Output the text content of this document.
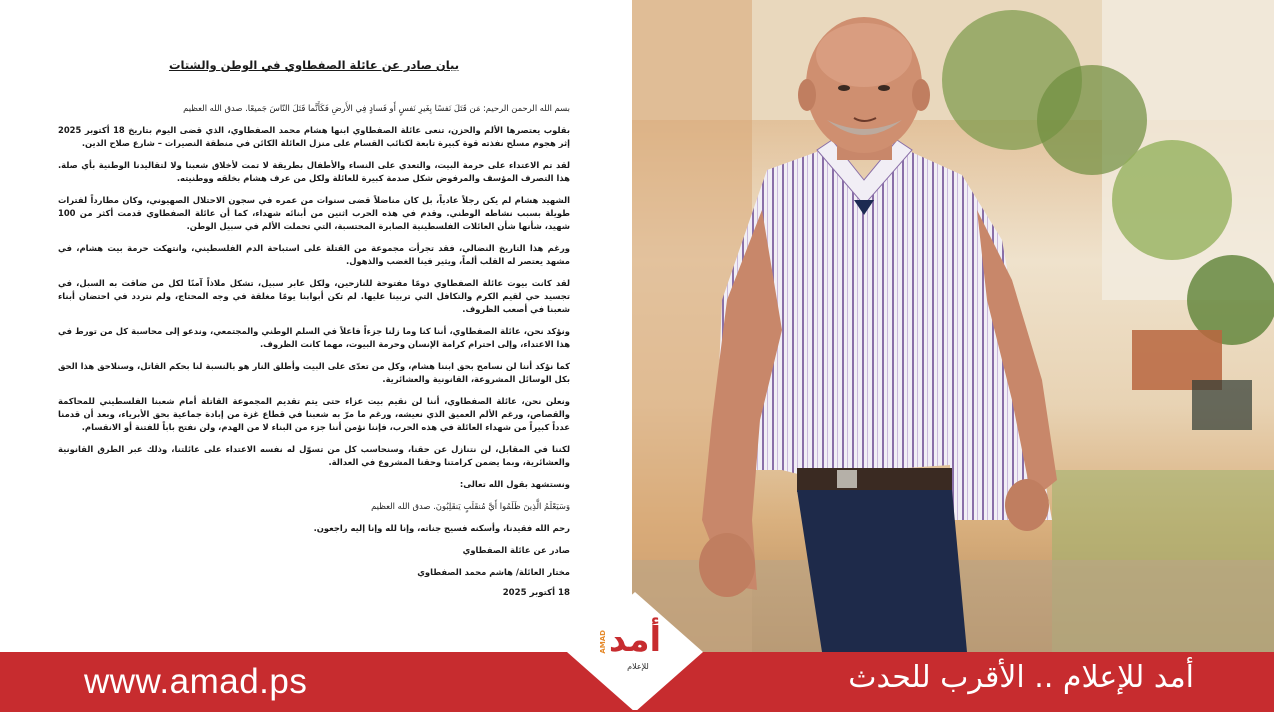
بيان صادر عن عائلة الصفطاوي في الوطن والشتات

بسم الله الرحمن الرحيم: مَن قَتَلَ نَفسًا بِغَيرِ نَفسٍ أَو فَسادٍ فِي الأَرضِ فَكَأَنَّما قَتَلَ النّاسَ جَميعًا. صدق الله العظيم

بقلوب يعتصرها الألم والحزن، تنعى عائلة الصفطاوي ابنها هشام محمد الصفطاوي، الذي قضى اليوم بتاريخ 18 أكتوبر 2025 إثر هجوم مسلح نفذته قوة كبيرة تابعة لكتائب القسام على منزل العائلة الكائن في منطقة النصيرات – شارع صلاح الدين.

لقد تم الاعتداء على حرمة البيت، والتعدي على النساء والأطفال بطريقة لا تمت لأخلاق شعبنا ولا لتقاليدنا الوطنية بأي صلة. هذا التصرف المؤسف والمرفوض شكل صدمة كبيرة للعائلة ولكل من عرف هشام بخلقه ووطنيته.

الشهيد هشام لم يكن رجلاً عادياً، بل كان مناضلاً قضى سنوات من عمره في سجون الاحتلال الصهيوني، وكان مطارداً لفترات طويلة بسبب نشاطه الوطني. وقدم في هذه الحرب اثنين من أبنائه شهداء، كما أن عائلة الصفطاوي قدمت أكثر من 100 شهيد، شأنها شأن العائلات الفلسطينية الصابرة المحتسبة، التي تحملت الألم في سبيل الوطن.

ورغم هذا التاريخ النضالي، فقد تجرأت مجموعة من القتلة على استباحة الدم الفلسطيني، وانتهكت حرمة بيت هشام، في مشهد يعتصر له القلب ألماً، ويثير فينا الغضب والذهول.

لقد كانت بيوت عائلة الصفطاوي دومًا مفتوحة للنازحين، ولكل عابر سبيل، تشكل ملاذاً آمنًا لكل من ضاقت به السبل، في تجسيد حي لقيم الكرم والتكافل التي تربينا عليها. لم تكن أبوابنا يومًا مغلقة في وجه المحتاج، ولم نتردد في احتضان أبناء شعبنا في أصعب الظروف.

ونؤكد نحن، عائلة الصفطاوي، أننا كنا وما زلنا جزءاً فاعلاً في السلم الوطني والمجتمعي، وندعو إلى محاسبة كل من تورط في هذا الاعتداء، وإلى احترام كرامة الإنسان وحرمة البيوت، مهما كانت الظروف.

كما نؤكد أننا لن نسامح بحق ابننا هشام، وكل من تعدّى على البيت وأطلق النار هو بالنسبة لنا بحكم القاتل، وسنلاحق هذا الحق بكل الوسائل المشروعة، القانونية والعشائرية.

ونعلن نحن، عائلة الصفطاوي، أننا لن نقيم بيت عزاء حتى يتم تقديم المجموعة القاتلة أمام شعبنا الفلسطيني للمحاكمة والقصاص، ورغم الألم العميق الذي نعيشه، ورغم ما مرّ به شعبنا في قطاع غزة من إبادة جماعية بحق الأبرياء، وبعد أن قدمنا عدداً كبيراً من شهداء العائلة في هذه الحرب، فإننا نؤمن أننا جزء من البناء لا من الهدم، ولن نفتح باباً للفتنة أو الانقسام.

لكننا في المقابل، لن نتنازل عن حقنا، وسنحاسب كل من تسوّل له نفسه الاعتداء على عائلتنا، وذلك عبر الطرق القانونية والعشائرية، وبما يضمن كرامتنا وحقنا المشروع في العدالة.

ونستشهد بقول الله تعالى:

وَسَيَعْلَمُ الَّذِينَ ظَلَمُوا أَيَّ مُنقَلَبٍ يَنقَلِبُونَ. صدق الله العظيم

رحم الله فقيدنا، وأسكنه فسيح جناته، وإنا لله وإنا إليه راجعون.

صادر عن عائلة الصفطاوي

مختار العائلة/ هاشم محمد الصفطاوي

18 أكتوبر 2025
www.amad.ps	أمد للإعلام .. الأقرب للحدث
أمد
AMAD
للإعلام
